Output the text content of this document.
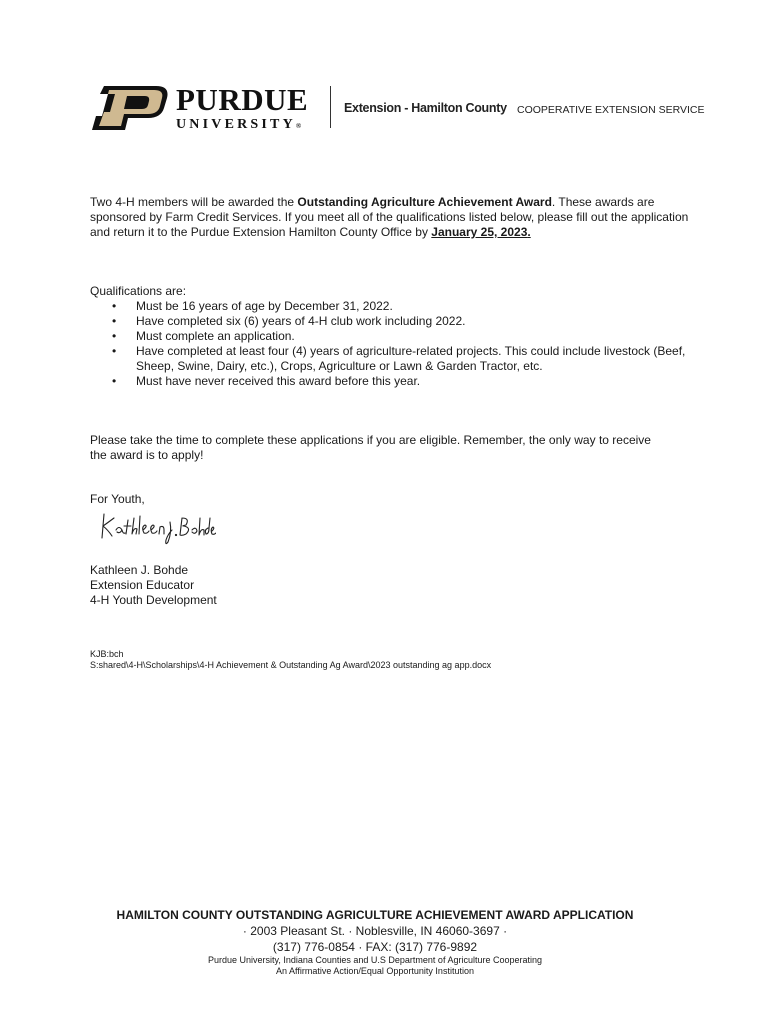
PURDUE
UNIVERSITY®
Extension - Hamilton County COOPERATIVE EXTENSION SERVICE
Two 4-H members will be awarded the Outstanding Agriculture Achievement Award. These awards are sponsored by Farm Credit Services. If you meet all of the qualifications listed below, please fill out the application and return it to the Purdue Extension Hamilton County Office by January 25, 2023.
Qualifications are:
• Must be 16 years of age by December 31, 2022.
• Have completed six (6) years of 4-H club work including 2022.
• Must complete an application.
• Have completed at least four (4) years of agriculture-related projects. This could include livestock (Beef, Sheep, Swine, Dairy, etc.), Crops, Agriculture or Lawn & Garden Tractor, etc.
• Must have never received this award before this year.
Please take the time to complete these applications if you are eligible. Remember, the only way to receive the award is to apply!
For Youth,
Kathleen J. Bohde
Extension Educator
4-H Youth Development
KJB:bch
S:shared\4-H\Scholarships\4-H Achievement & Outstanding Ag Award\2023 outstanding ag app.docx
HAMILTON COUNTY OUTSTANDING AGRICULTURE ACHIEVEMENT AWARD APPLICATION
· 2003 Pleasant St. · Noblesville, IN 46060-3697 ·
(317) 776-0854 · FAX: (317) 776-9892
Purdue University, Indiana Counties and U.S Department of Agriculture Cooperating
An Affirmative Action/Equal Opportunity Institution
